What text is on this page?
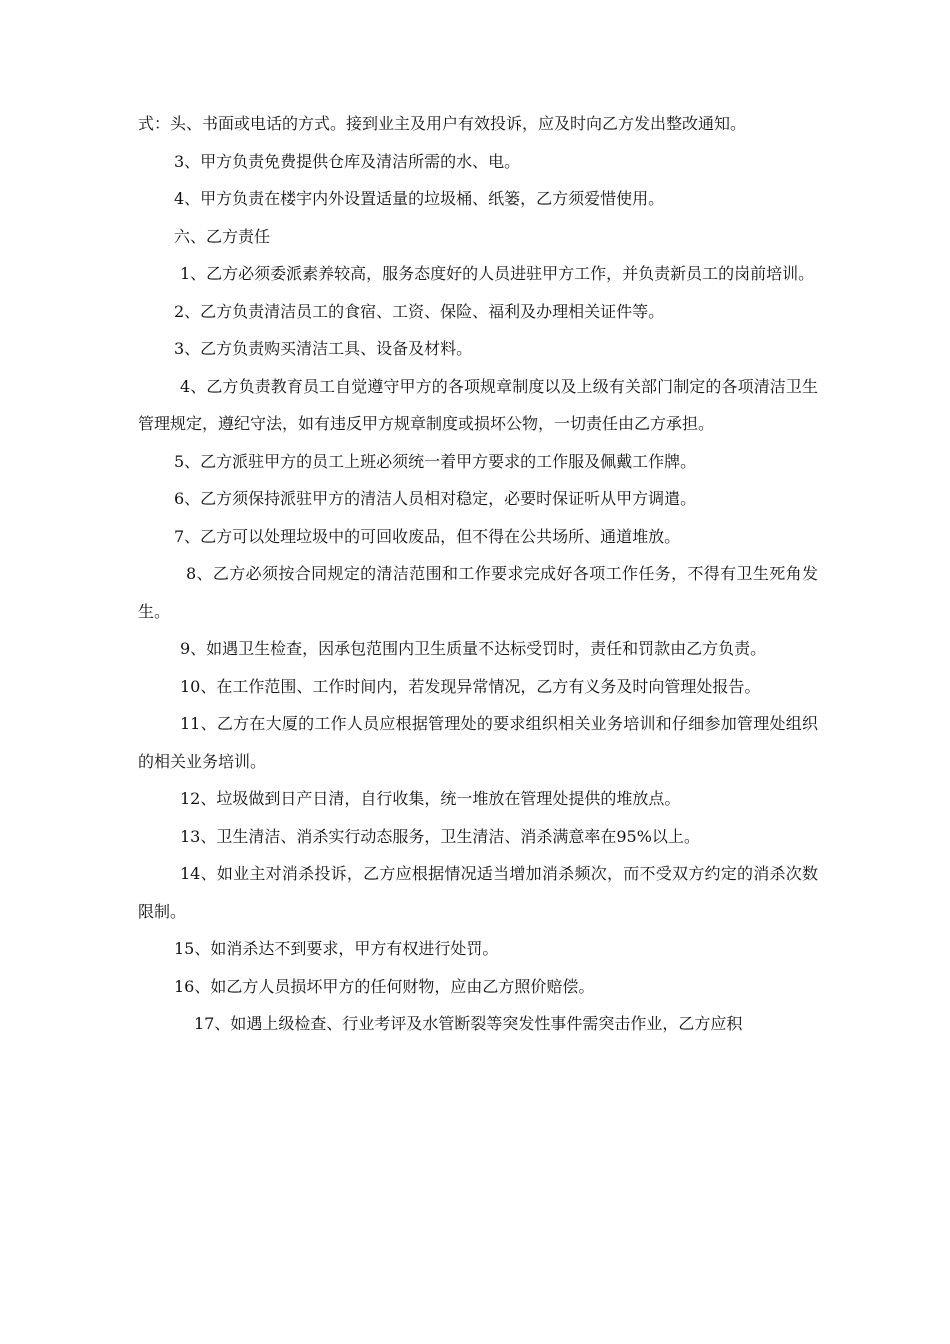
式：头、书面或电话的方式。接到业主及用户有效投诉，应及时向乙方发出整改通知。

3、甲方负责免费提供仓库及清洁所需的水、电。

4、甲方负责在楼宇内外设置适量的垃圾桶、纸篓，乙方须爱惜使用。

六、乙方责任

1、乙方必须委派素养较高，服务态度好的人员进驻甲方工作，并负责新员工的岗前培训。

2、乙方负责清洁员工的食宿、工资、保险、福利及办理相关证件等。

3、乙方负责购买清洁工具、设备及材料。

4、乙方负责教育员工自觉遵守甲方的各项规章制度以及上级有关部门制定的各项清洁卫生管理规定，遵纪守法，如有违反甲方规章制度或损坏公物，一切责任由乙方承担。

5、乙方派驻甲方的员工上班必须统一着甲方要求的工作服及佩戴工作牌。

6、乙方须保持派驻甲方的清洁人员相对稳定，必要时保证听从甲方调遣。

7、乙方可以处理垃圾中的可回收废品，但不得在公共场所、通道堆放。

8、乙方必须按合同规定的清洁范围和工作要求完成好各项工作任务，不得有卫生死角发生。

9、如遇卫生检查，因承包范围内卫生质量不达标受罚时，责任和罚款由乙方负责。

10、在工作范围、工作时间内，若发现异常情况，乙方有义务及时向管理处报告。

11、乙方在大厦的工作人员应根据管理处的要求组织相关业务培训和仔细参加管理处组织的相关业务培训。

12、垃圾做到日产日清，自行收集，统一堆放在管理处提供的堆放点。

13、卫生清洁、消杀实行动态服务，卫生清洁、消杀满意率在95%以上。

14、如业主对消杀投诉，乙方应根据情况适当增加消杀频次，而不受双方约定的消杀次数限制。

15、如消杀达不到要求，甲方有权进行处罚。

16、如乙方人员损坏甲方的任何财物，应由乙方照价赔偿。

17、如遇上级检查、行业考评及水管断裂等突发性事件需突击作业，乙方应积
